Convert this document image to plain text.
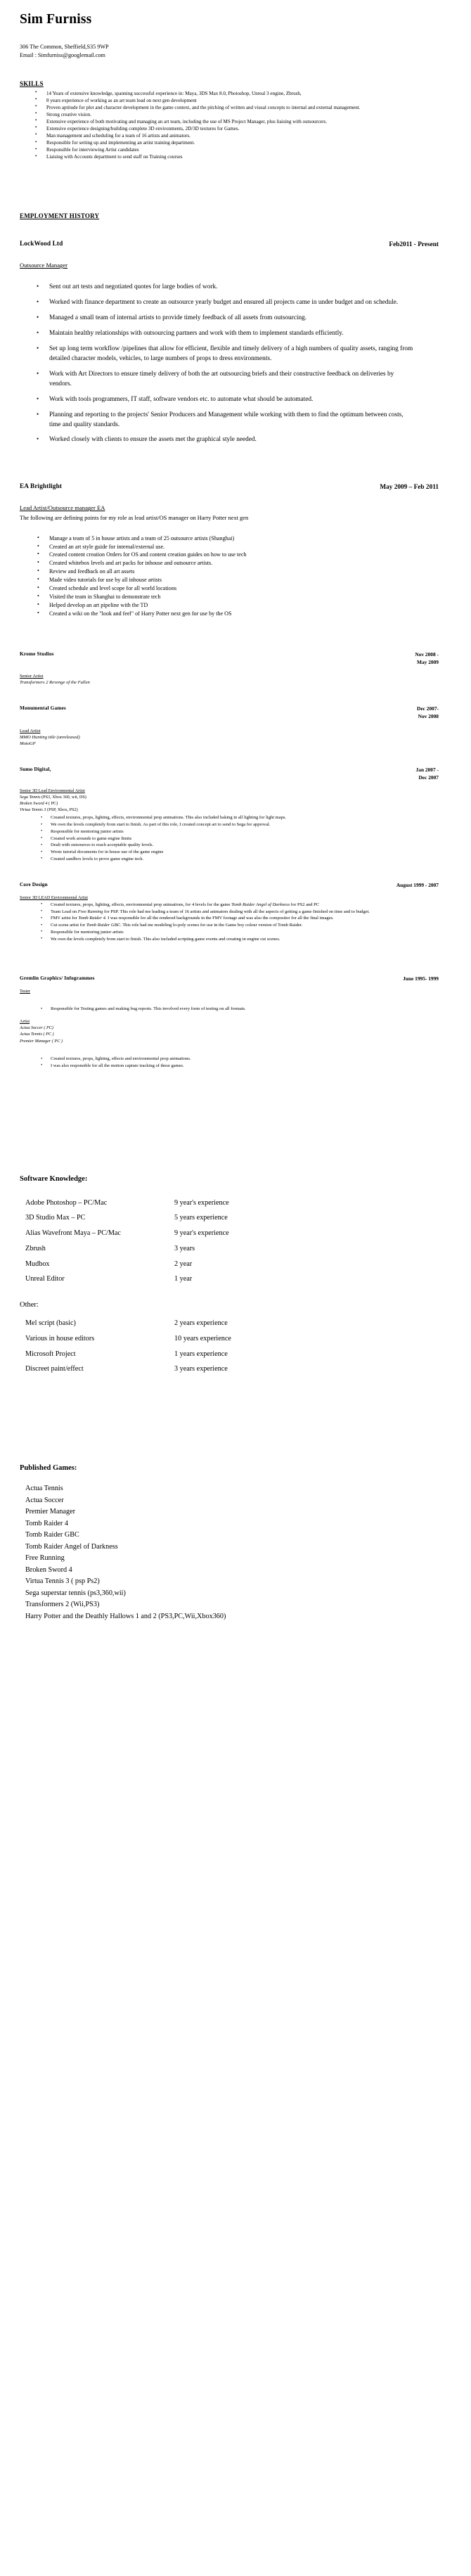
Sim Furniss
306 The Common, Sheffield,S35 9WP
Email : Simfurniss@googlemail.com
SKILLS
• 14 Years of extensive knowledge, spanning successful experience in: Maya, 3DS Max 8.0, Photoshop, Unreal 3 engine, Zbrush,
• 8 years experience of working as an art team lead on next gen development
• Proven aptitude for plot and character development in the game context, and the pitching of written and visual concepts to internal and external management.
• Strong creative vision.
• Extensive experience of both motivating and managing an art team, including the use of MS Project Manager, plus liaising with outsourcers.
• Extensive experience designing/building complete 3D environments, 2D/3D textures for Games.
• Man management and scheduling for a team of 16 artists and animators.
• Responsible for setting up and implementing an artist training department.
• Responsible for interviewing Artist candidates
• Liaising with Accounts department to send staff on Training courses
EMPLOYMENT HISTORY
LockWood Ltd	Feb2011 - Present
Outsource Manager
• Sent out art tests and negotiated quotes for large bodies of work.
• Worked with finance department to create an outsource yearly budget and ensured all projects came in under budget and on schedule.
• Managed a small team of internal artists to provide timely feedback of all assets from outsourcing.
• Maintain healthy relationships with outsourcing partners and work with them to implement standards efficiently.
• Set up long term workflow /pipelines that allow for efficient, flexible and timely delivery of a high numbers of quality assets, ranging from detailed character models, vehicles, to large numbers of props to dress environments.
• Work with Art Directors to ensure timely delivery of both the art outsourcing briefs and their constructive feedback on deliveries by vendors.
• Work with tools programmers, IT staff, software vendors etc. to automate what should be automated.
• Planning and reporting to the projects' Senior Producers and Management while working with them to find the optimum between costs, time and quality standards.
• Worked closely with clients to ensure the assets met the graphical style needed.
EA Brightlight	May 2009 – Feb 2011
Lead Artist/Outsource manager EA
The following are defining points for my role as lead artist/OS manager on Harry Potter next gen
• Manage a team of 5 in house artists and a team of 25 outsource artists (Shanghai)
• Created an art style guide for internal/external use.
• Created content creation Orders for OS and content creation guides on how to use tech
• Created whitebox levels and art packs for inhouse and outsource artists.
• Review and feedback on all art assets
• Made video tutorials for use by all inhouse artists
• Created schedule and level scope for all world locations
• Visited the team in Shanghai to demonstrate tech
• Helped develop an art pipeline with the TD
• Created a wiki on the "look and feel" of Harry Potter next gen for use by the OS
Krome Studios	Nov 2008 -
May 2009
Senior Artist
Transformers 2 Revenge of the Fallen
Monumental Games	Dec 2007-
Nov 2008
Lead Artist
MMO Hunting title (unreleased)
MotoGP
Sumo Digital,	Jan 2007 -
Dec 2007
Senior 3D Lead Environmental Artist
Sega Tennis (PS3, Xbox 360, wii, DS)
Broken Sword 4 ( PC)
Virtua Tennis 3 (PSP, Xbox, PS2)
• Created textures, props, lighting, effects, environmental prop animations. This also included baking in all lighting for light maps.
• We own the levels completely from start to finish. As part of this role, I created concept art to send to Sega for approval.
• Responsible for mentoring junior artists
• Created work arounds to game engine limits
• Dealt with outsources to reach acceptable quality levels.
• Wrote tutorial documents for in house use of the game engine
• Created sandbox levels to prove game engine tech.
Core Design	August 1999 - 2007
Senior 3D LEAD Environmental Artist
• Created textures, props, lighting, effects, environmental prop animations, for 4 levels for the game Tomb Raider Angel of Darkness for PS2 and PC
• Team Lead on Free Running for PSP. This role had me leading a team of 16 artists and animators dealing with all the aspects of getting a game finished on time and to budget.
• FMV artist for Tomb Raider 4. I was responsible for all the rendered backgrounds in the FMV footage and was also the compositor for all the final images.
• Cut scene artist for Tomb Raider GBC. This role had me modeling lo-poly scenes for use in the Game boy colour version of Tomb Raider.
• Responsible for mentoring junior artists
• We own the levels completely from start to finish. This also included scripting game events and creating in engine cut scenes.
Gremlin Graphics/ Infogrammes	June 1995- 1999
Tester
• Responsible for Testing games and making bug reports. This involved every form of testing on all formats.
Artist
Actua Soccer ( PC)
Actua Tennis ( PC )
Premier Manager ( PC )
• Created textures, props, lighting, effects and environmental prop animations.
• I was also responsible for all the motion capture tracking of these games.
Software Knowledge:
Adobe Photoshop – PC/Mac	9 year's experience
3D Studio Max – PC	5 years experience
Alias Wavefront Maya – PC/Mac	9 year's experience
Zbrush	3 years
Mudbox	2 year
Unreal Editor	1 year
Other:
Mel script (basic)	2 years experience
Various in house editors	10 years experience
Microsoft Project	1 years experience
Discreet paint/effect	3 years experience
Published Games:
Actua Tennis
Actua Soccer
Premier Manager
Tomb Raider 4
Tomb Raider GBC
Tomb Raider Angel of Darkness
Free Running
Broken Sword 4
Virtua Tennis 3 ( psp Ps2)
Sega superstar tennis (ps3,360,wii)
Transformers 2 (Wii,PS3)
Harry Potter and the Deathly Hallows 1 and 2 (PS3,PC,Wii,Xbox360)
